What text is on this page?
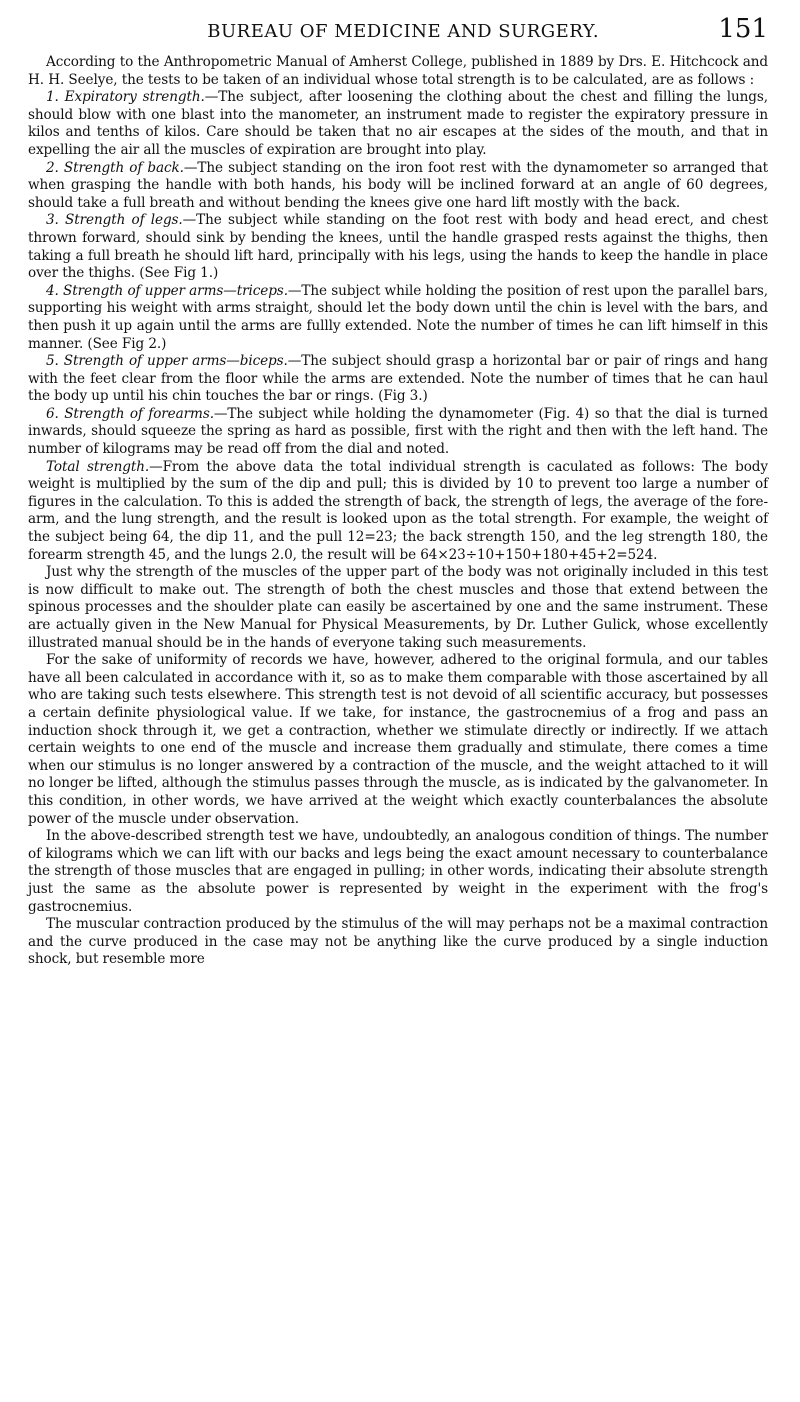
BUREAU OF MEDICINE AND SURGERY.	151

According to the Anthropometric Manual of Amherst College, published in 1889 by Drs. E. Hitchcock and H. H. Seelye, the tests to be taken of an individual whose total strength is to be calculated, are as follows :

1. Expiratory strength.—The subject, after loosening the clothing about the chest and filling the lungs, should blow with one blast into the manometer, an instrument made to register the expiratory pressure in kilos and tenths of kilos. Care should be taken that no air escapes at the sides of the mouth, and that in expelling the air all the muscles of expiration are brought into play.

2. Strength of back.—The subject standing on the iron foot rest with the dynamometer so arranged that when grasping the handle with both hands, his body will be inclined forward at an angle of 60 degrees, should take a full breath and without bending the knees give one hard lift mostly with the back.

3. Strength of legs.—The subject while standing on the foot rest with body and head erect, and chest thrown forward, should sink by bending the knees, until the handle grasped rests against the thighs, then taking a full breath he should lift hard, principally with his legs, using the hands to keep the handle in place over the thighs. (See Fig 1.)

4. Strength of upper arms—triceps.—The subject while holding the position of rest upon the parallel bars, supporting his weight with arms straight, should let the body down until the chin is level with the bars, and then push it up again until the arms are fullly extended. Note the number of times he can lift himself in this manner. (See Fig 2.)

5. Strength of upper arms—biceps.—The subject should grasp a horizontal bar or pair of rings and hang with the feet clear from the floor while the arms are extended. Note the number of times that he can haul the body up until his chin touches the bar or rings. (Fig 3.)

6. Strength of forearms.—The subject while holding the dynamometer (Fig. 4) so that the dial is turned inwards, should squeeze the spring as hard as possible, first with the right and then with the left hand. The number of kilograms may be read off from the dial and noted.

Total strength.—From the above data the total individual strength is caculated as follows: The body weight is multiplied by the sum of the dip and pull; this is divided by 10 to prevent too large a number of figures in the calculation. To this is added the strength of back, the strength of legs, the average of the fore-arm, and the lung strength, and the result is looked upon as the total strength. For example, the weight of the subject being 64, the dip 11, and the pull 12=23; the back strength 150, and the leg strength 180, the forearm strength 45, and the lungs 2.0, the result will be 64×23÷10+150+180+45+2=524.

Just why the strength of the muscles of the upper part of the body was not originally included in this test is now difficult to make out. The strength of both the chest muscles and those that extend between the spinous processes and the shoulder plate can easily be ascertained by one and the same instrument. These are actually given in the New Manual for Physical Measurements, by Dr. Luther Gulick, whose excellently illustrated manual should be in the hands of everyone taking such measurements.

For the sake of uniformity of records we have, however, adhered to the original formula, and our tables have all been calculated in accordance with it, so as to make them comparable with those ascertained by all who are taking such tests elsewhere. This strength test is not devoid of all scientific accuracy, but possesses a certain definite physiological value. If we take, for instance, the gastrocnemius of a frog and pass an induction shock through it, we get a contraction, whether we stimulate directly or indirectly. If we attach certain weights to one end of the muscle and increase them gradually and stimulate, there comes a time when our stimulus is no longer answered by a contraction of the muscle, and the weight attached to it will no longer be lifted, although the stimulus passes through the muscle, as is indicated by the galvanometer. In this condition, in other words, we have arrived at the weight which exactly counterbalances the absolute power of the muscle under observation.

In the above-described strength test we have, undoubtedly, an analogous condition of things. The number of kilograms which we can lift with our backs and legs being the exact amount necessary to counterbalance the strength of those muscles that are engaged in pulling; in other words, indicating their absolute strength just the same as the absolute power is represented by weight in the experiment with the frog's gastrocnemius.

The muscular contraction produced by the stimulus of the will may perhaps not be a maximal contraction and the curve produced in the case may not be anything like the curve produced by a single induction shock, but resemble more
